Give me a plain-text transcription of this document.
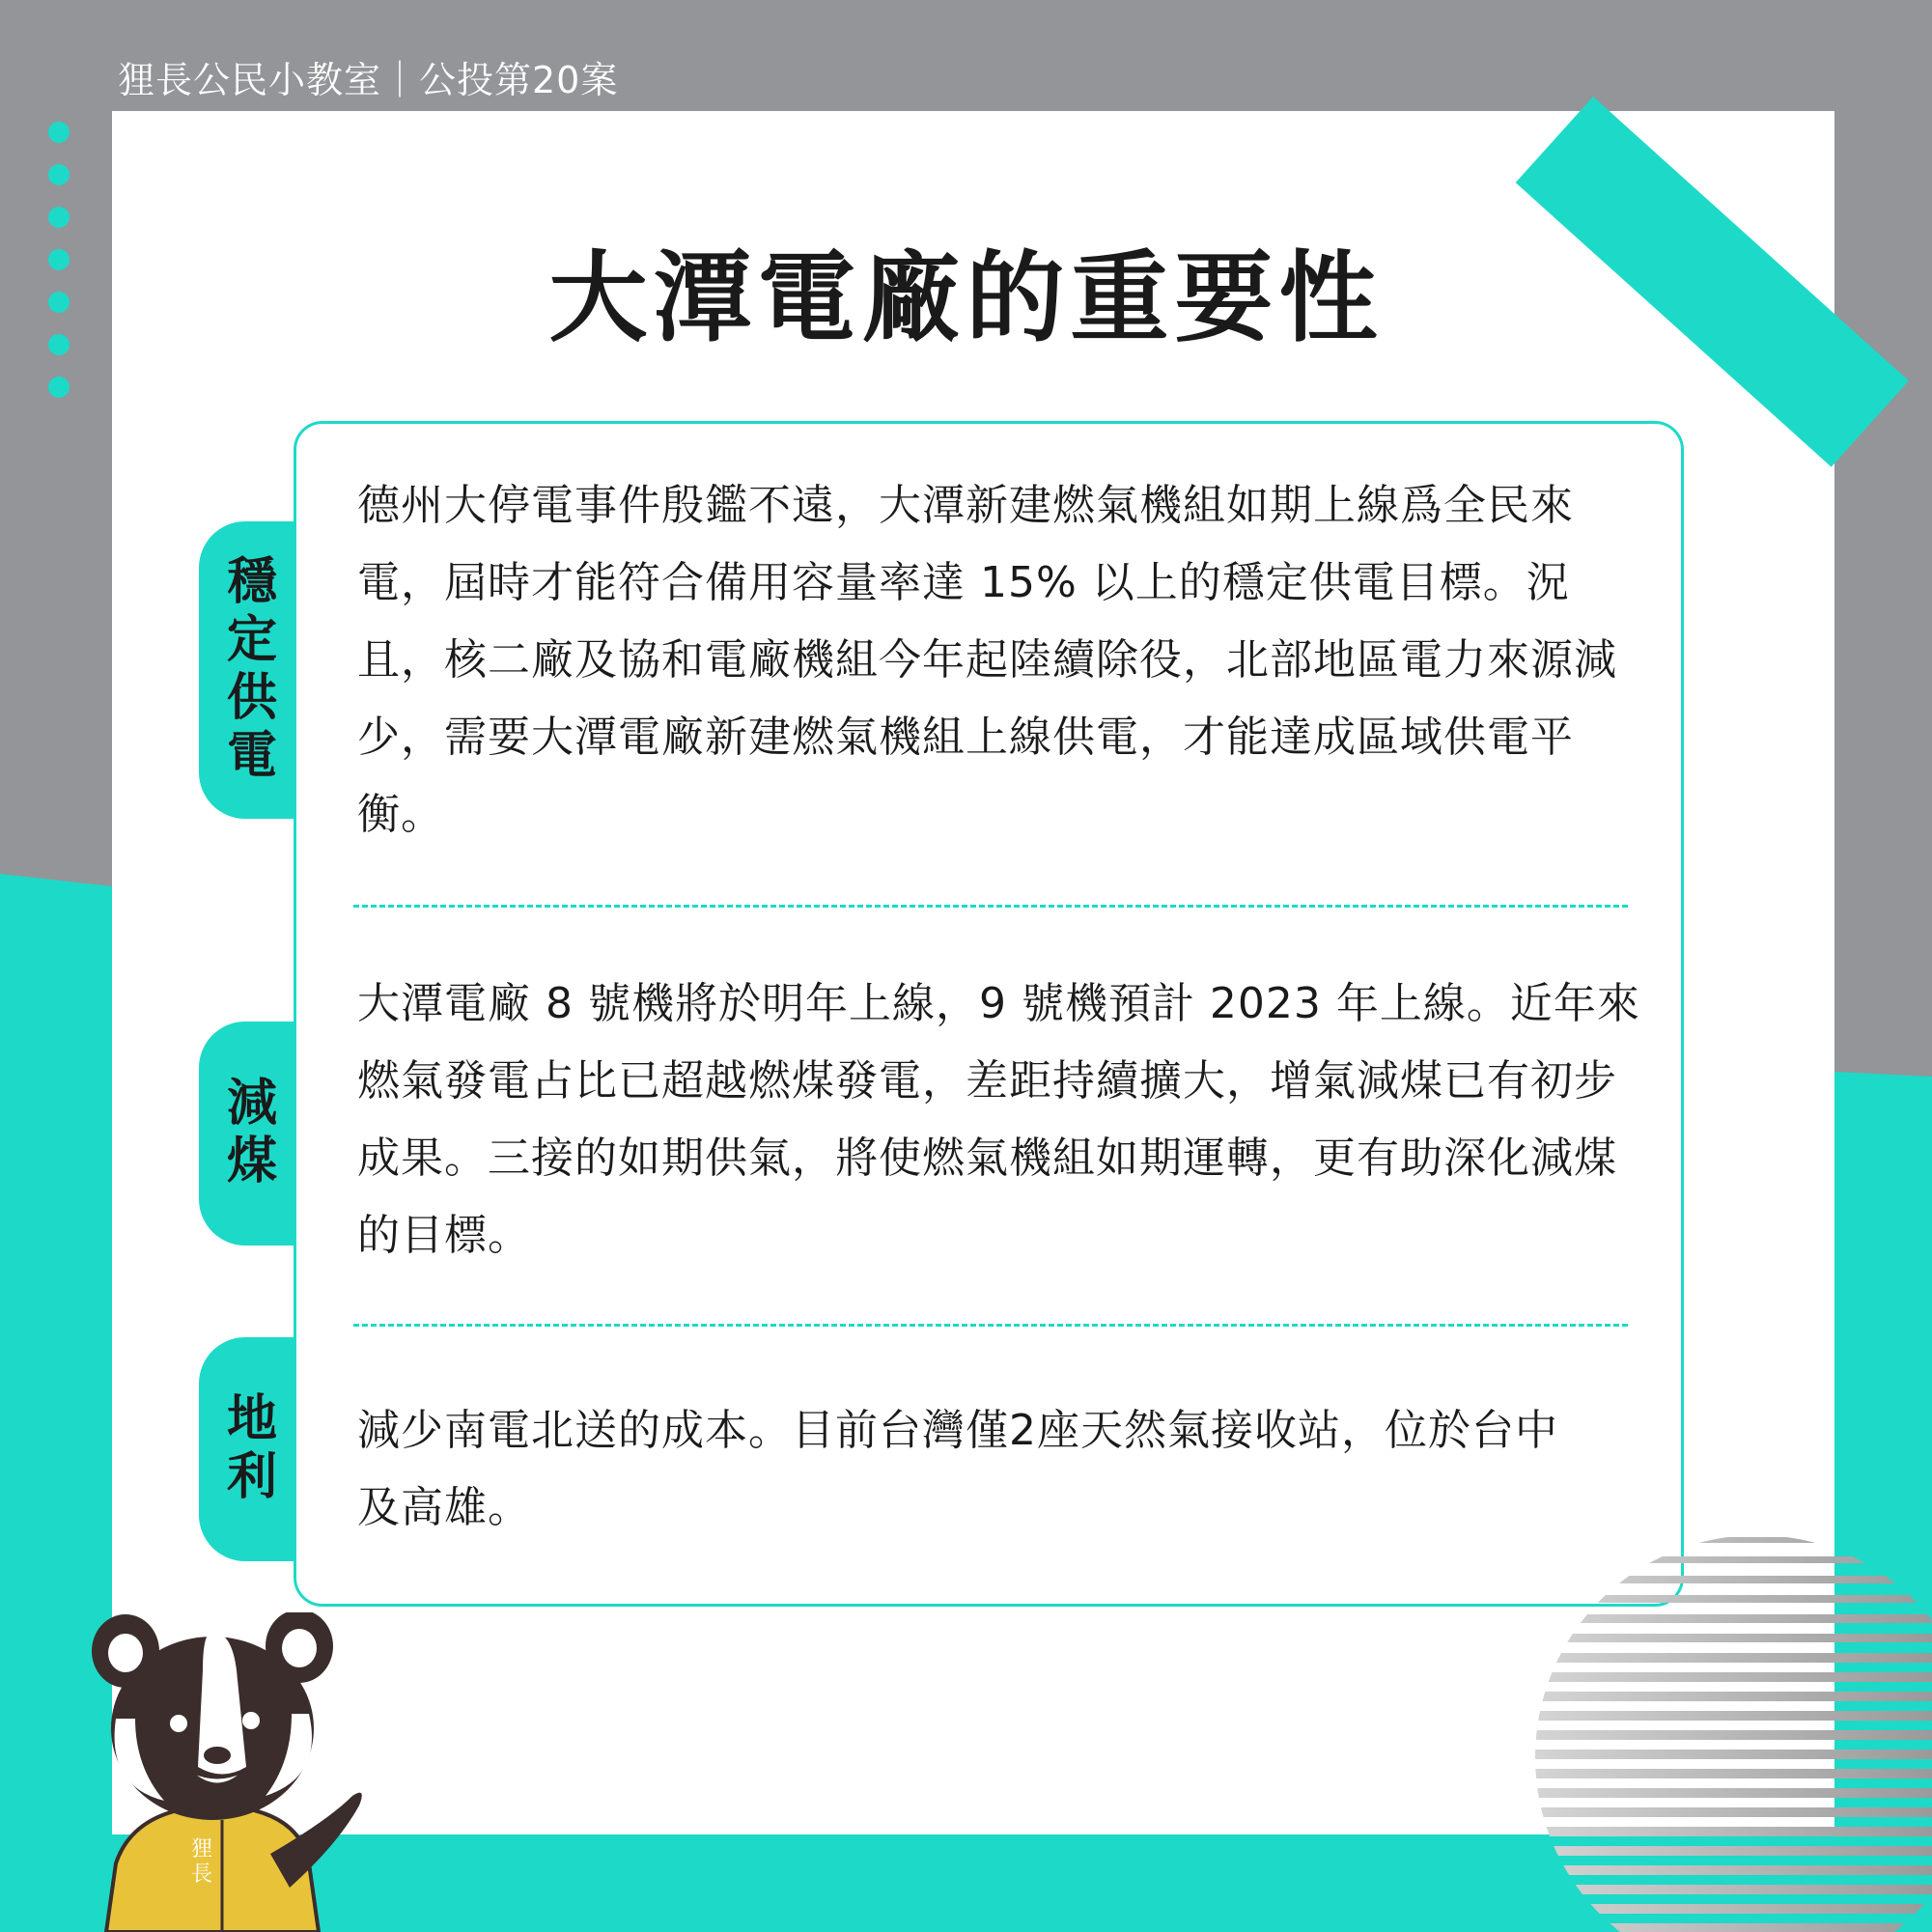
狸長公民小教室｜公投第20案
大潭電廠的重要性
穩定供電
德州大停電事件殷鑑不遠，大潭新建燃氣機組如期上線爲全民來電，屆時才能符合備用容量率達 15% 以上的穩定供電目標。況且，核二廠及協和電廠機組今年起陸續除役，北部地區電力來源減少，需要大潭電廠新建燃氣機組上線供電，才能達成區域供電平衡。
減煤
大潭電廠 8 號機將於明年上線，9 號機預計 2023 年上線。近年來燃氣發電占比已超越燃煤發電，差距持續擴大，增氣減煤已有初步成果。三接的如期供氣，將使燃氣機組如期運轉，更有助深化減煤的目標。
地利 減少南電北送的成本。目前台灣僅2座天然氣接收站，位於台中及高雄。
狸
長
